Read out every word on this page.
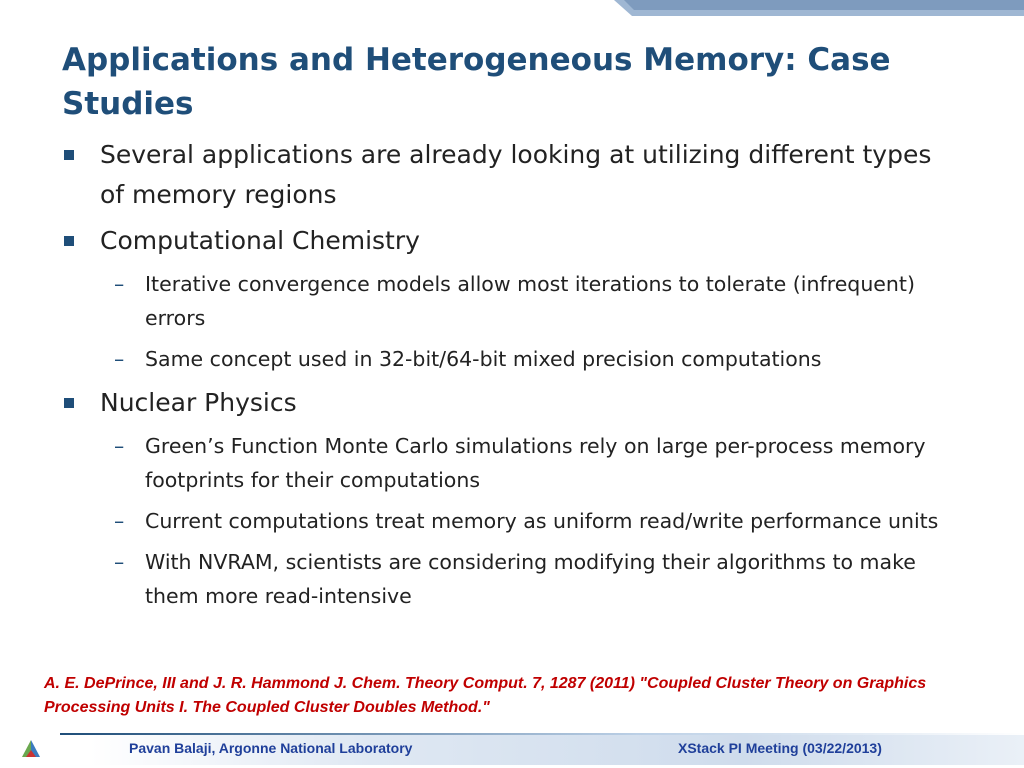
Applications and Heterogeneous Memory: Case Studies
Several applications are already looking at utilizing different types of memory regions
Computational Chemistry
– Iterative convergence models allow most iterations to tolerate (infrequent) errors
– Same concept used in 32-bit/64-bit mixed precision computations
Nuclear Physics
– Green’s Function Monte Carlo simulations rely on large per-process memory footprints for their computations
– Current computations treat memory as uniform read/write performance units
– With NVRAM, scientists are considering modifying their algorithms to make them more read-intensive
A. E. DePrince, III and J. R. Hammond J. Chem. Theory Comput. 7, 1287 (2011) "Coupled Cluster Theory on Graphics Processing Units I. The Coupled Cluster Doubles Method."
Pavan Balaji, Argonne National Laboratory	XStack PI Meeting (03/22/2013)
